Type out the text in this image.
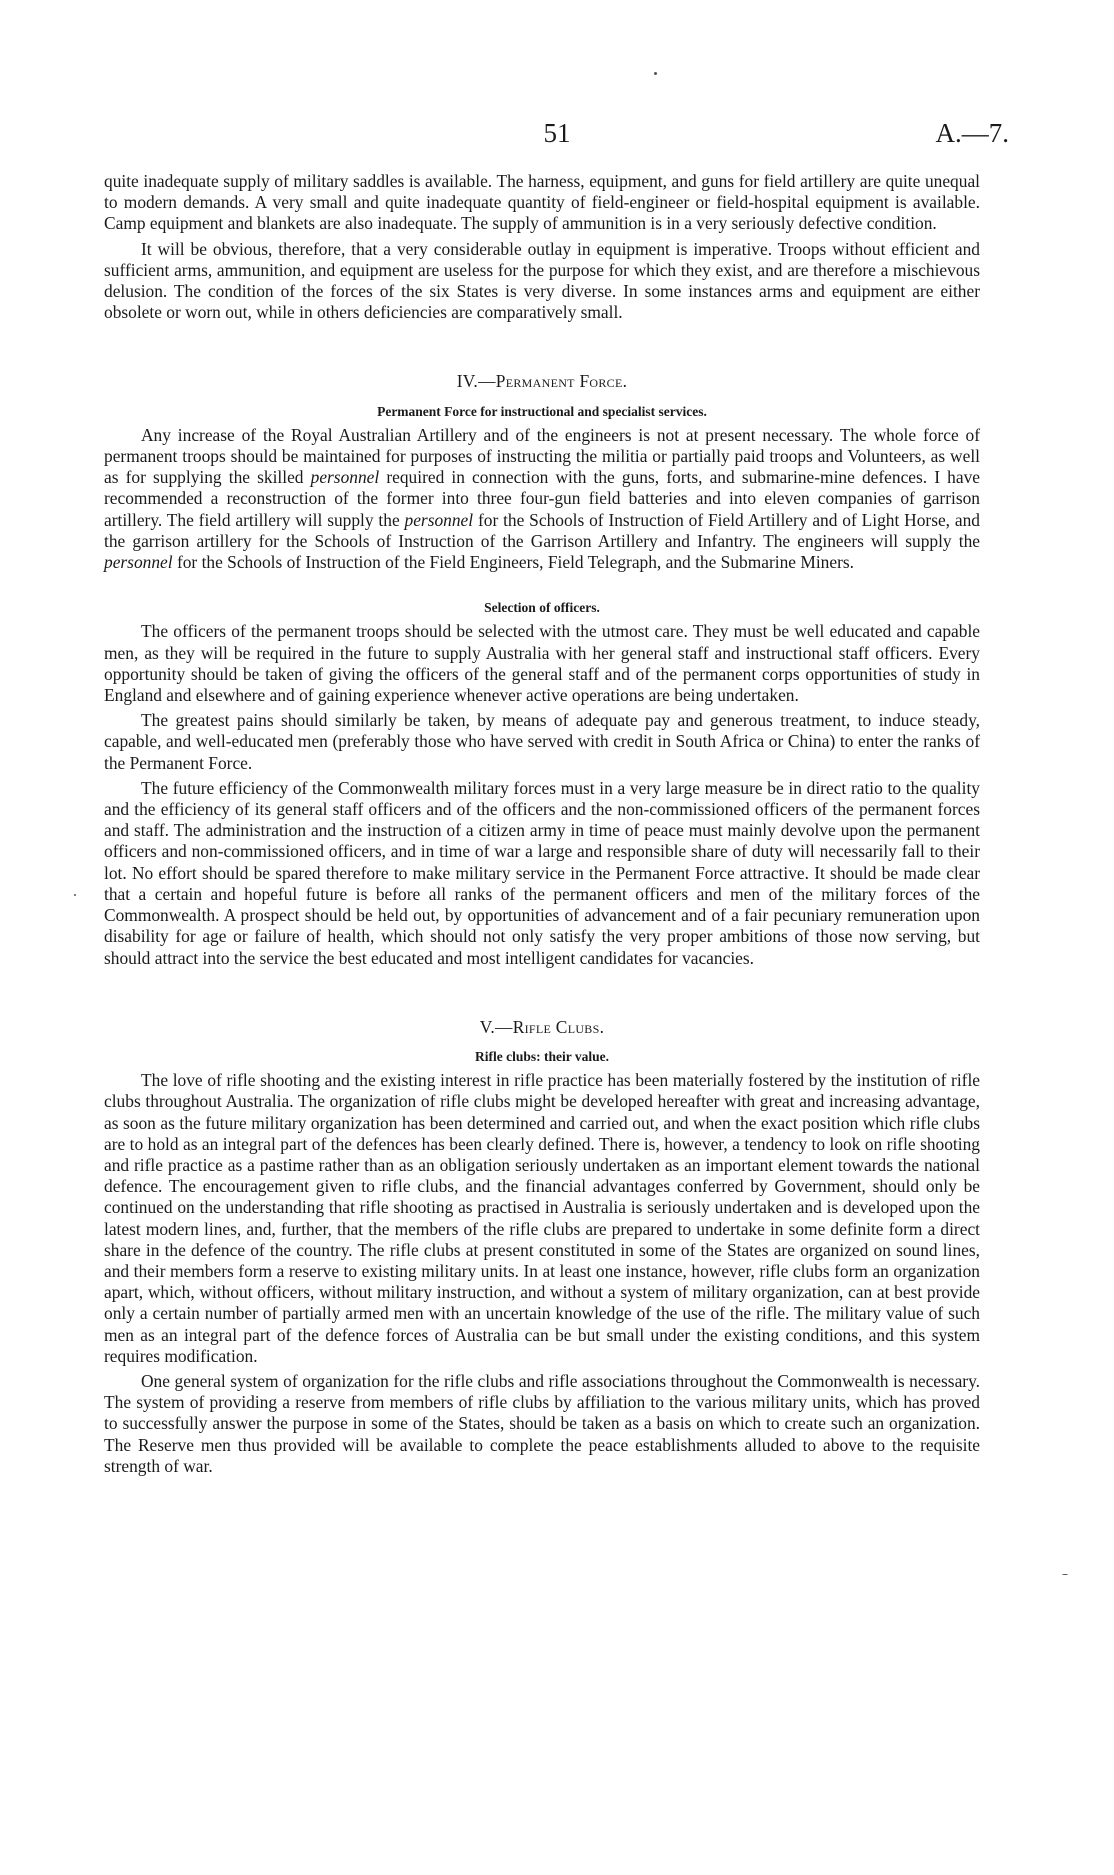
51	A.—7.

quite inadequate supply of military saddles is available. The harness, equipment, and guns for field artillery are quite unequal to modern demands. A very small and quite inadequate quantity of field-engineer or field-hospital equipment is available. Camp equipment and blankets are also inadequate. The supply of ammunition is in a very seriously defective condition.

It will be obvious, therefore, that a very considerable outlay in equipment is imperative. Troops without efficient and sufficient arms, ammunition, and equipment are useless for the purpose for which they exist, and are therefore a mischievous delusion. The condition of the forces of the six States is very diverse. In some instances arms and equipment are either obsolete or worn out, while in others deficiencies are comparatively small.

IV.—Permanent Force.
Permanent Force for instructional and specialist services.

Any increase of the Royal Australian Artillery and of the engineers is not at present necessary. The whole force of permanent troops should be maintained for purposes of instructing the militia or partially paid troops and Volunteers, as well as for supplying the skilled personnel required in connection with the guns, forts, and submarine-mine defences. I have recommended a reconstruction of the former into three four-gun field batteries and into eleven companies of garrison artillery. The field artillery will supply the personnel for the Schools of Instruction of Field Artillery and of Light Horse, and the garrison artillery for the Schools of Instruction of the Garrison Artillery and Infantry. The engineers will supply the personnel for the Schools of Instruction of the Field Engineers, Field Telegraph, and the Submarine Miners.

Selection of officers.

The officers of the permanent troops should be selected with the utmost care. They must be well educated and capable men, as they will be required in the future to supply Australia with her general staff and instructional staff officers. Every opportunity should be taken of giving the officers of the general staff and of the permanent corps opportunities of study in England and elsewhere and of gaining experience whenever active operations are being undertaken.

The greatest pains should similarly be taken, by means of adequate pay and generous treatment, to induce steady, capable, and well-educated men (preferably those who have served with credit in South Africa or China) to enter the ranks of the Permanent Force.

The future efficiency of the Commonwealth military forces must in a very large measure be in direct ratio to the quality and the efficiency of its general staff officers and of the officers and the non-commissioned officers of the permanent forces and staff. The administration and the instruction of a citizen army in time of peace must mainly devolve upon the permanent officers and non-commissioned officers, and in time of war a large and responsible share of duty will necessarily fall to their lot. No effort should be spared therefore to make military service in the Permanent Force attractive. It should be made clear that a certain and hopeful future is before all ranks of the permanent officers and men of the military forces of the Commonwealth. A prospect should be held out, by opportunities of advancement and of a fair pecuniary remuneration upon disability for age or failure of health, which should not only satisfy the very proper ambitions of those now serving, but should attract into the service the best educated and most intelligent candidates for vacancies.

V.—Rifle Clubs.
Rifle clubs: their value.

The love of rifle shooting and the existing interest in rifle practice has been materially fostered by the institution of rifle clubs throughout Australia. The organization of rifle clubs might be developed hereafter with great and increasing advantage, as soon as the future military organization has been determined and carried out, and when the exact position which rifle clubs are to hold as an integral part of the defences has been clearly defined. There is, however, a tendency to look on rifle shooting and rifle practice as a pastime rather than as an obligation seriously undertaken as an important element towards the national defence. The encouragement given to rifle clubs, and the financial advantages conferred by Government, should only be continued on the understanding that rifle shooting as practised in Australia is seriously undertaken and is developed upon the latest modern lines, and, further, that the members of the rifle clubs are prepared to undertake in some definite form a direct share in the defence of the country. The rifle clubs at present constituted in some of the States are organized on sound lines, and their members form a reserve to existing military units. In at least one instance, however, rifle clubs form an organization apart, which, without officers, without military instruction, and without a system of military organization, can at best provide only a certain number of partially armed men with an uncertain knowledge of the use of the rifle. The military value of such men as an integral part of the defence forces of Australia can be but small under the existing conditions, and this system requires modification.

One general system of organization for the rifle clubs and rifle associations throughout the Commonwealth is necessary. The system of providing a reserve from members of rifle clubs by affiliation to the various military units, which has proved to successfully answer the purpose in some of the States, should be taken as a basis on which to create such an organization. The Reserve men thus provided will be available to complete the peace establishments alluded to above to the requisite strength of war.
